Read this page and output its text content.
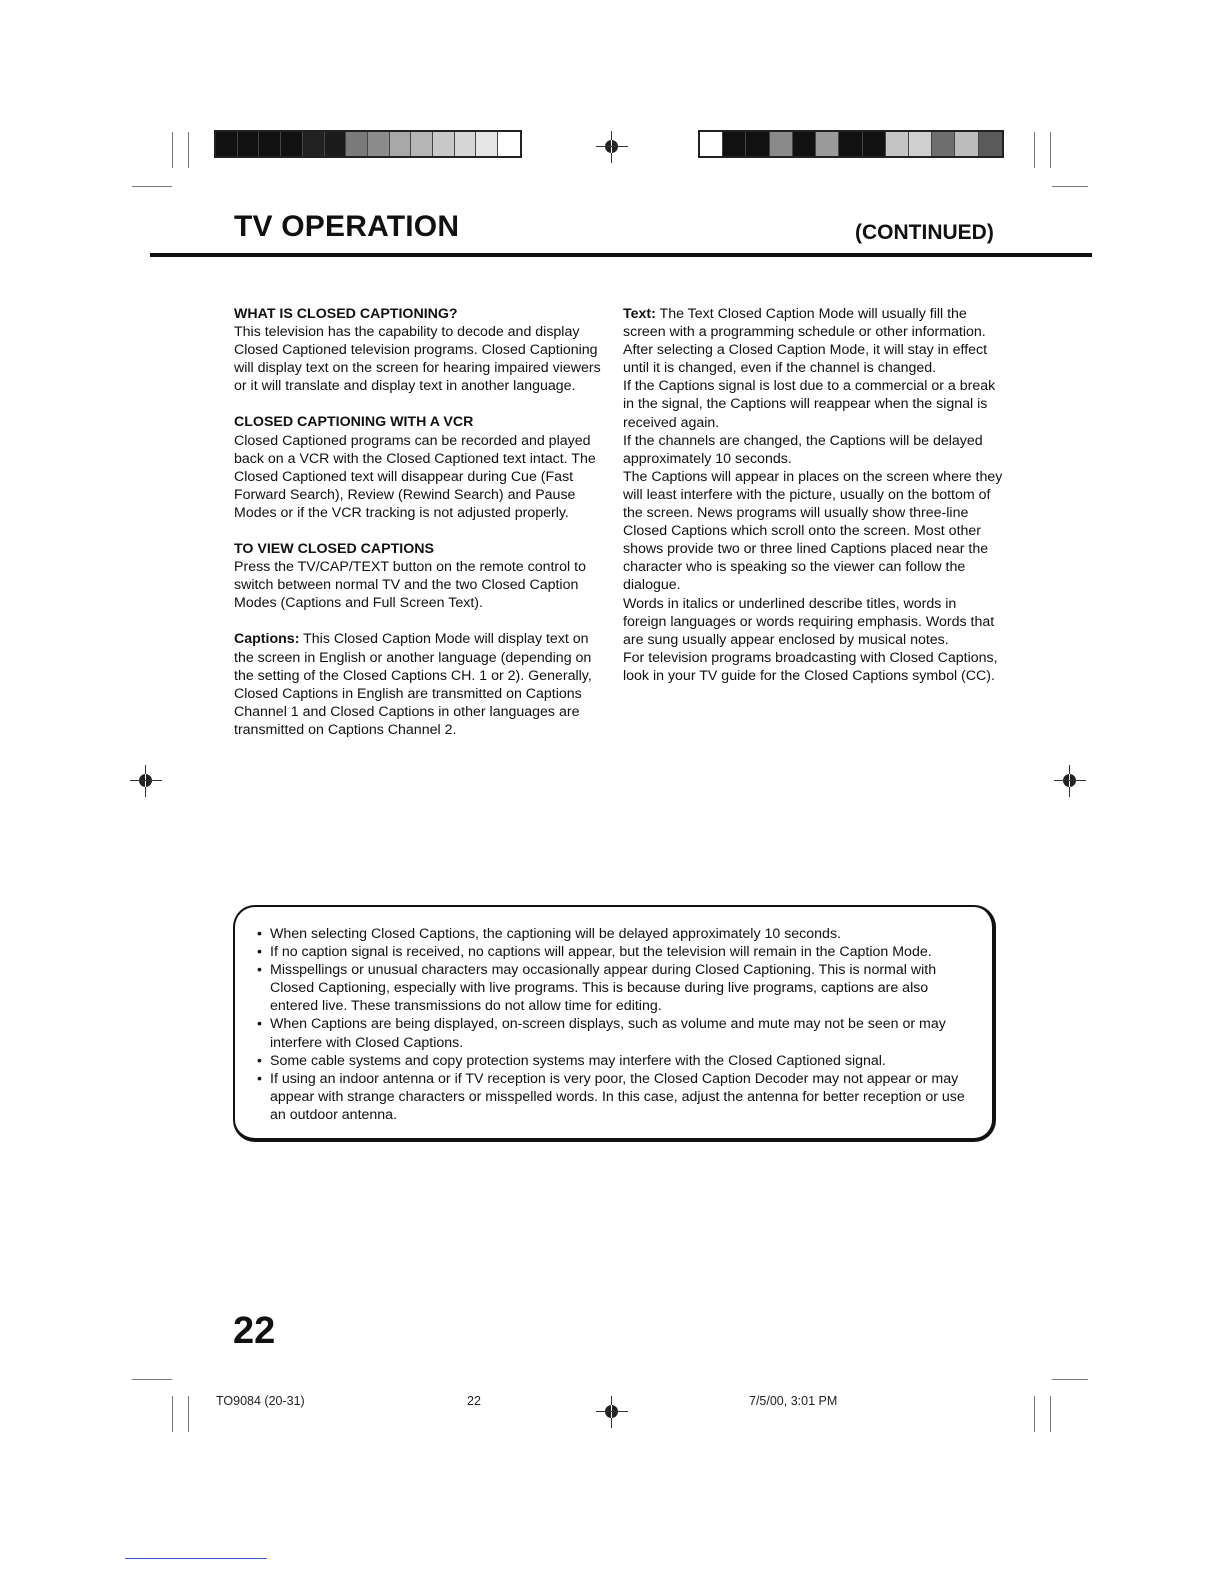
TV OPERATION	(CONTINUED)
WHAT IS CLOSED CAPTIONING?

This television has the capability to decode and display Closed Captioned television programs. Closed Captioning will display text on the screen for hearing impaired viewers or it will translate and display text in another language.

CLOSED CAPTIONING WITH A VCR

Closed Captioned programs can be recorded and played back on a VCR with the Closed Captioned text intact. The Closed Captioned text will disappear during Cue (Fast Forward Search), Review (Rewind Search) and Pause Modes or if the VCR tracking is not adjusted properly.

TO VIEW CLOSED CAPTIONS

Press the TV/CAP/TEXT button on the remote control to switch between normal TV and the two Closed Caption Modes (Captions and Full Screen Text).

Captions: This Closed Caption Mode will display text on the screen in English or another language (depending on the setting of the Closed Captions CH. 1 or 2). Generally, Closed Captions in English are transmitted on Captions Channel 1 and Closed Captions in other languages are transmitted on Captions Channel 2.

Text: The Text Closed Caption Mode will usually fill the screen with a programming schedule or other information.

After selecting a Closed Caption Mode, it will stay in effect until it is changed, even if the channel is changed.

If the Captions signal is lost due to a commercial or a break in the signal, the Captions will reappear when the signal is received again.

If the channels are changed, the Captions will be delayed approximately 10 seconds.

The Captions will appear in places on the screen where they will least interfere with the picture, usually on the bottom of the screen. News programs will usually show three-line Closed Captions which scroll onto the screen. Most other shows provide two or three lined Captions placed near the character who is speaking so the viewer can follow the dialogue.

Words in italics or underlined describe titles, words in foreign languages or words requiring emphasis. Words that are sung usually appear enclosed by musical notes.

For television programs broadcasting with Closed Captions, look in your TV guide for the Closed Captions symbol (CC).

• When selecting Closed Captions, the captioning will be delayed approximately 10 seconds.
• If no caption signal is received, no captions will appear, but the television will remain in the Caption Mode.
• Misspellings or unusual characters may occasionally appear during Closed Captioning. This is normal with Closed Captioning, especially with live programs. This is because during live programs, captions are also entered live. These transmissions do not allow time for editing.
• When Captions are being displayed, on-screen displays, such as volume and mute may not be seen or may interfere with Closed Captions.
• Some cable systems and copy protection systems may interfere with the Closed Captioned signal.
• If using an indoor antenna or if TV reception is very poor, the Closed Caption Decoder may not appear or may appear with strange characters or misspelled words. In this case, adjust the antenna for better reception or use an outdoor antenna.
22
TO9084 (20-31)	22	7/5/00, 3:01 PM
